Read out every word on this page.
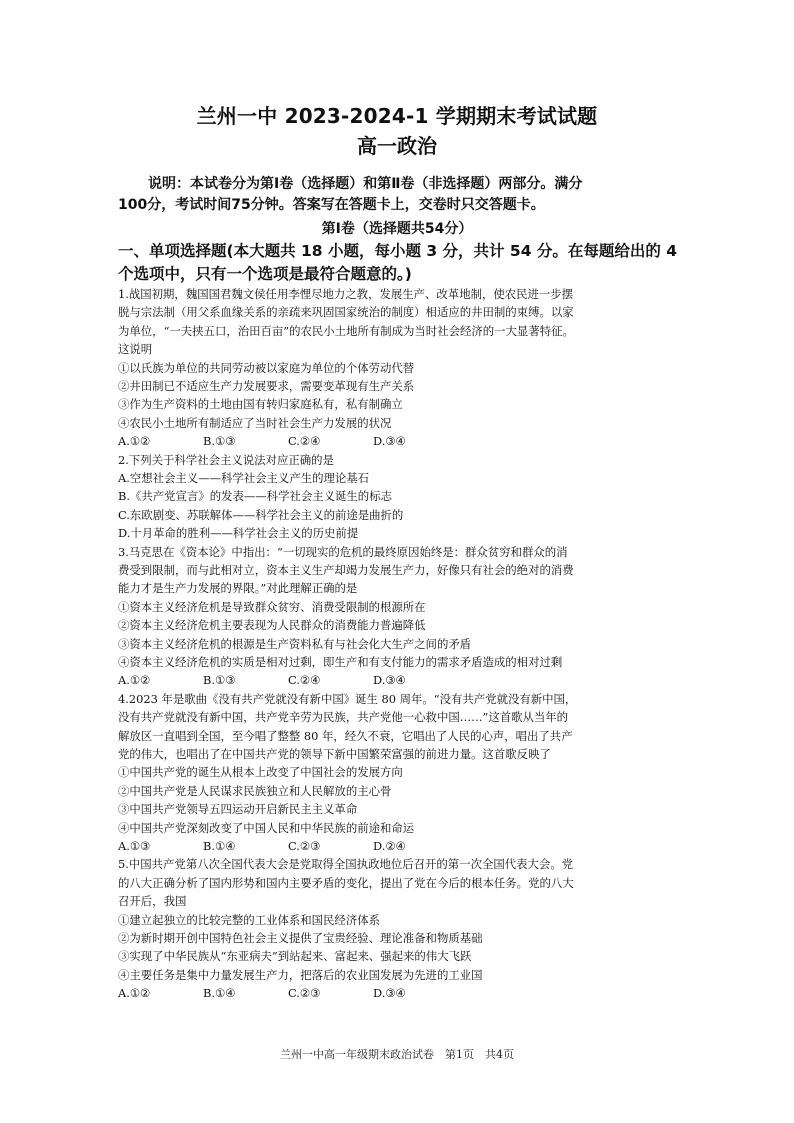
兰州一中 2023-2024-1 学期期末考试试题
高一政治
说明：本试卷分为第Ⅰ卷（选择题）和第Ⅱ卷（非选择题）两部分。满分
100分，考试时间75分钟。答案写在答题卡上，交卷时只交答题卡。
第Ⅰ卷（选择题共54分）
一、单项选择题(本大题共 18 小题，每小题 3 分，共计 54 分。在每题给出的 4
个选项中，只有一个选项是最符合题意的。)
1.战国初期，魏国国君魏文侯任用李悝尽地力之教，发展生产、改革地制，使农民进一步摆
脱与宗法制（用父系血缘关系的亲疏来巩固国家统治的制度）相适应的井田制的束缚。以家
为单位，“一夫挟五口，治田百亩”的农民小土地所有制成为当时社会经济的一大显著特征。
这说明
①以氏族为单位的共同劳动被以家庭为单位的个体劳动代替
②井田制已不适应生产力发展要求，需要变革现有生产关系
③作为生产资料的土地由国有转归家庭私有，私有制确立
④农民小土地所有制适应了当时社会生产力发展的状况
A.①②	B.①③	C.②④	D.③④
2.下列关于科学社会主义说法对应正确的是
A.空想社会主义——科学社会主义产生的理论基石
B.《共产党宣言》的发表——科学社会主义诞生的标志
C.东欧剧变、苏联解体——科学社会主义的前途是曲折的
D.十月革命的胜利——科学社会主义的历史前提
3.马克思在《资本论》中指出：“一切现实的危机的最终原因始终是：群众贫穷和群众的消
费受到限制，而与此相对立，资本主义生产却竭力发展生产力，好像只有社会的绝对的消费
能力才是生产力发展的界限。”对此理解正确的是
①资本主义经济危机是导致群众贫穷、消费受限制的根源所在
②资本主义经济危机主要表现为人民群众的消费能力普遍降低
③资本主义经济危机的根源是生产资料私有与社会化大生产之间的矛盾
④资本主义经济危机的实质是相对过剩，即生产和有支付能力的需求矛盾造成的相对过剩
A.①②	B.①③	C.②④	D.③④
4.2023 年是歌曲《没有共产党就没有新中国》诞生 80 周年。“没有共产党就没有新中国，
没有共产党就没有新中国，共产党辛劳为民族，共产党他一心救中国……”这首歌从当年的
解放区一直唱到全国，至今唱了整整 80 年，经久不衰，它唱出了人民的心声，唱出了共产
党的伟大，也唱出了在中国共产党的领导下新中国繁荣富强的前进力量。这首歌反映了
①中国共产党的诞生从根本上改变了中国社会的发展方向
②中国共产党是人民谋求民族独立和人民解放的主心骨
③中国共产党领导五四运动开启新民主主义革命
④中国共产党深刻改变了中国人民和中华民族的前途和命运
A.①③	B.①④	C.②③	D.②④
5.中国共产党第八次全国代表大会是党取得全国执政地位后召开的第一次全国代表大会。党
的八大正确分析了国内形势和国内主要矛盾的变化，提出了党在今后的根本任务。党的八大
召开后，我国
①建立起独立的比较完整的工业体系和国民经济体系
②为新时期开创中国特色社会主义提供了宝贵经验、理论准备和物质基础
③实现了中华民族从“东亚病夫”到站起来、富起来、强起来的伟大飞跃
④主要任务是集中力量发展生产力，把落后的农业国发展为先进的工业国
A.①②	B.①④	C.②③	D.③④
兰州一中高一年级期末政治试卷　第1页　共4页
